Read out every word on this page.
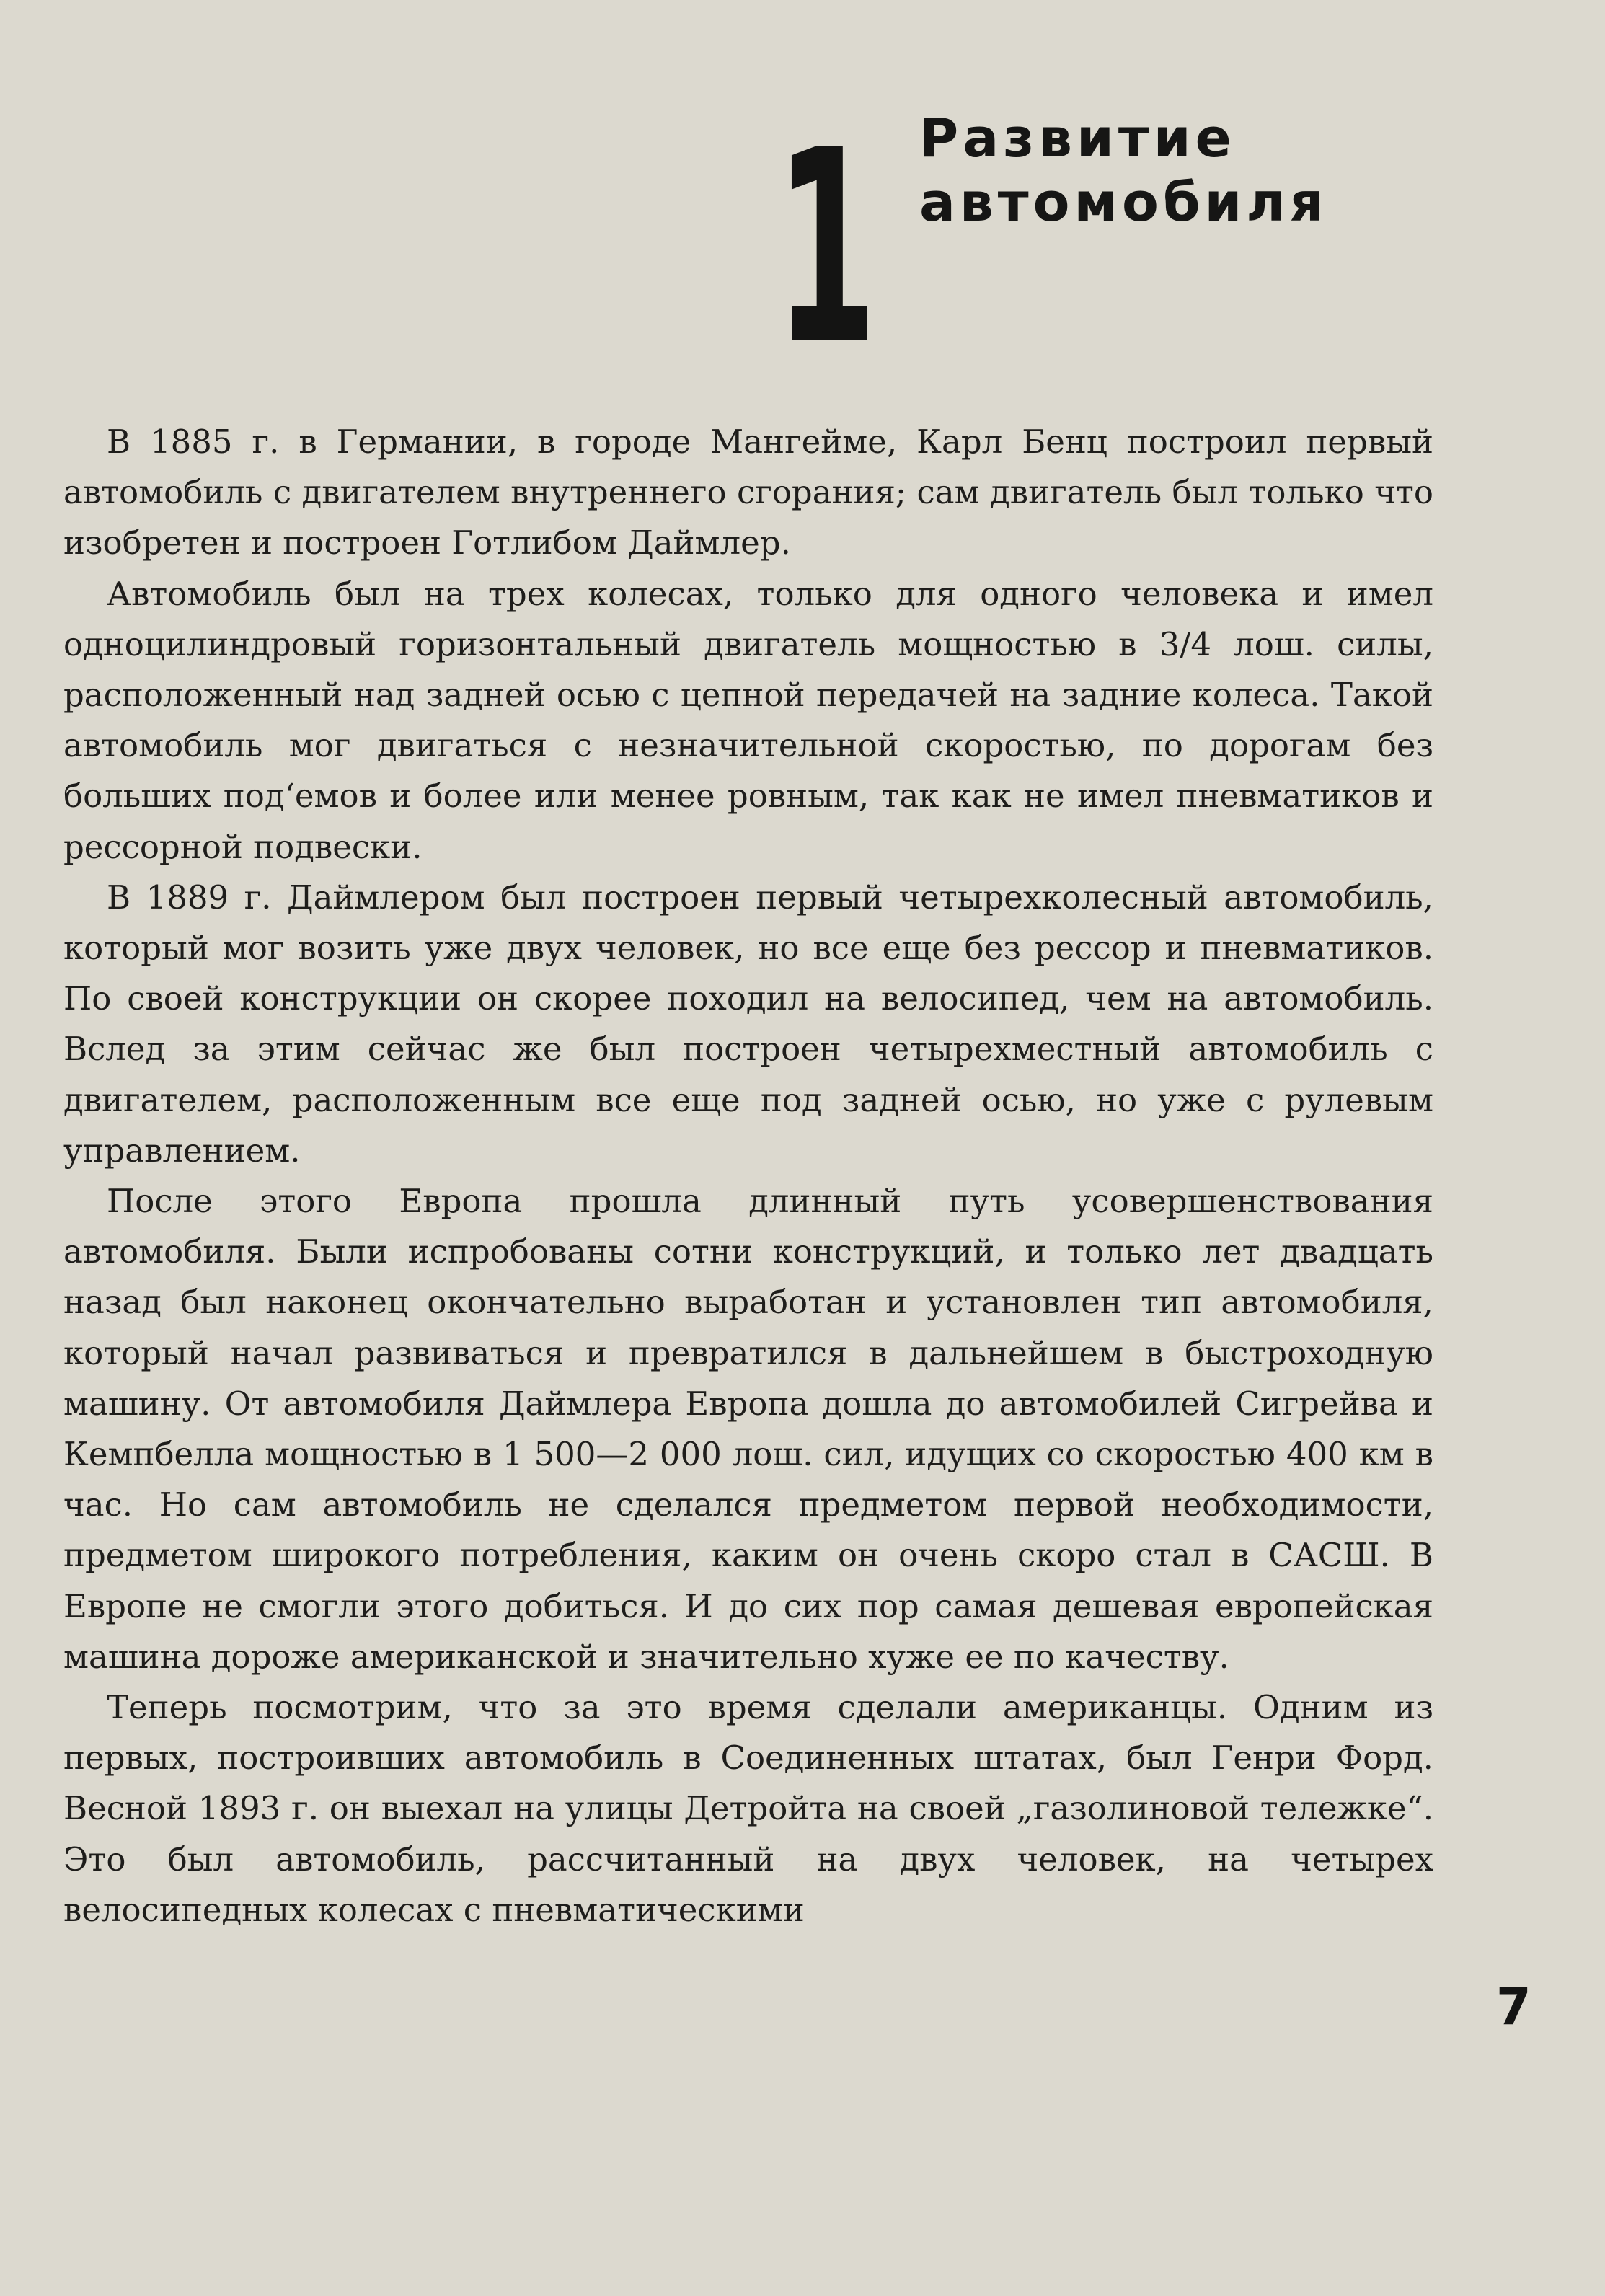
1 Развитие
автомобиля

В 1885 г. в Германии, в городе Мангейме, Карл Бенц построил первый автомобиль с двигателем внутреннего сгорания; сам двигатель был только что изобретен и построен Готлибом Даймлер.

Автомобиль был на трех колесах, только для одного человека и имел одноцилиндровый горизонтальный двигатель мощностью в 3/4 лош. силы, расположенный над задней осью с цепной передачей на задние колеса. Такой автомобиль мог двигаться с незначительной скоростью, по дорогам без больших под‘емов и более или менее ровным, так как не имел пневматиков и рессорной подвески.

В 1889 г. Даймлером был построен первый четырехколесный автомобиль, который мог возить уже двух человек, но все еще без рессор и пневматиков. По своей конструкции он скорее походил на велосипед, чем на автомобиль. Вслед за этим сейчас же был построен четырехместный автомобиль с двигателем, расположенным все еще под задней осью, но уже с рулевым управлением.

После этого Европа прошла длинный путь усовершенствования автомобиля. Были испробованы сотни конструкций, и только лет двадцать назад был наконец окончательно выработан и установлен тип автомобиля, который начал развиваться и превратился в дальнейшем в быстроходную машину. От автомобиля Даймлера Европа дошла до автомобилей Сигрейва и Кемпбелла мощностью в 1 500—2 000 лош. сил, идущих со скоростью 400 км в час. Но сам автомобиль не сделался предметом первой необходимости, предметом широкого потребления, каким он очень скоро стал в САСШ. В Европе не смогли этого добиться. И до сих пор самая дешевая европейская машина дороже американской и значительно хуже ее по качеству.

Теперь посмотрим, что за это время сделали американцы. Одним из первых, построивших автомобиль в Соединенных штатах, был Генри Форд. Весной 1893 г. он выехал на улицы Детройта на своей „газолиновой тележке“. Это был автомобиль, рассчитанный на двух человек, на четырех велосипедных колесах с пневматическими

7
